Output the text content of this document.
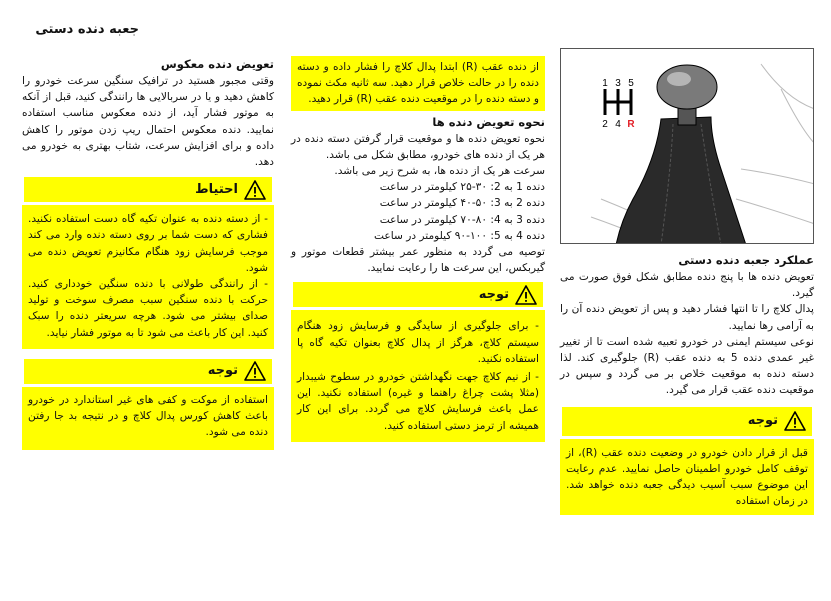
جعبه دنده دستی

تعویض دنده معکوس

وقتی مجبور هستید در ترافیک سنگین سرعت خودرو را کاهش دهید و یا در سربالایی ها رانندگی کنید، قبل از آنکه به موتور فشار آید، از دنده معکوس مناسب استفاده نمایید. دنده معکوس احتمال ریپ زدن موتور را کاهش داده و برای افزایش سرعت، شتاب بهتری به خودرو می دهد.

احتیاط

- از دسته دنده به عنوان تکیه گاه دست استفاده نکنید. فشاری که دست شما بر روی دسته دنده وارد می کند موجب فرسایش زود هنگام مکانیزم تعویض دنده می شود.

- از رانندگی طولانی با دنده سنگین خودداری کنید. حرکت با دنده سنگین سبب مصرف سوخت و تولید صدای بیشتر می شود. هرچه سریعتر دنده را سبک کنید. این کار باعث می شود تا به موتور فشار نیاید.

توجه

استفاده از موکت و کفی های غیر استاندارد در خودرو باعث کاهش کورس پدال کلاچ و در نتیجه بد جا رفتن دنده می شود.

از دنده عقب (R) ابتدا پدال کلاچ را فشار داده و دسته دنده را در حالت خلاص قرار دهید. سه ثانیه مکث نموده و دسته دنده را در موقعیت دنده عقب (R) قرار دهید.

نحوه تعویض دنده ها

نحوه تعویض دنده ها و موقعیت قرار گرفتن دسته دنده در هر یک از دنده های خودرو، مطابق شکل می باشد.

سرعت هر یک از دنده ها، به شرح زیر می باشد.

دنده 1 به 2: ۳۰-۲۵ کیلومتر در ساعت

دنده 2 به 3: ۵۰-۴۰ کیلومتر در ساعت

دنده 3 به 4: ۸۰-۷۰ کیلومتر در ساعت

دنده 4 به 5: ۱۰۰-۹۰ کیلومتر در ساعت

توصیه می گردد به منظور عمر بیشتر قطعات موتور و گیربکس، این سرعت ها را رعایت نمایید.

توجه

- برای جلوگیری از سایدگی و فرسایش زود هنگام سیستم کلاچ، هرگز از پدال کلاچ بعنوان تکیه گاه پا استفاده نکنید.

- از نیم کلاچ جهت نگهداشتن خودرو در سطوح شیبدار (مثلا پشت چراغ راهنما و غیره) استفاده نکنید. این عمل باعث فرسایش کلاچ می گردد. برای این کار همیشه از ترمز دستی استفاده کنید.

1 3 5
2 4 R

عملکرد جعبه دنده دستی

تعویض دنده ها با پنج دنده مطابق شکل فوق صورت می گیرد.

پدال کلاچ را تا انتها فشار دهید و پس از تعویض دنده آن را به آرامی رها نمایید.

نوعی سیستم ایمنی در خودرو تعبیه شده است تا از تغییر غیر عمدی دنده 5 به دنده عقب (R) جلوگیری کند. لذا دسته دنده به موقعیت خلاص بر می گردد و سپس در موقعیت دنده عقب قرار می گیرد.

توجه

قبل از قرار دادن خودرو در وضعیت دنده عقب (R)، از توقف کامل خودرو اطمینان حاصل نمایید. عدم رعایت این موضوع سبب آسیب دیدگی جعبه دنده خواهد شد. در زمان استفاده
